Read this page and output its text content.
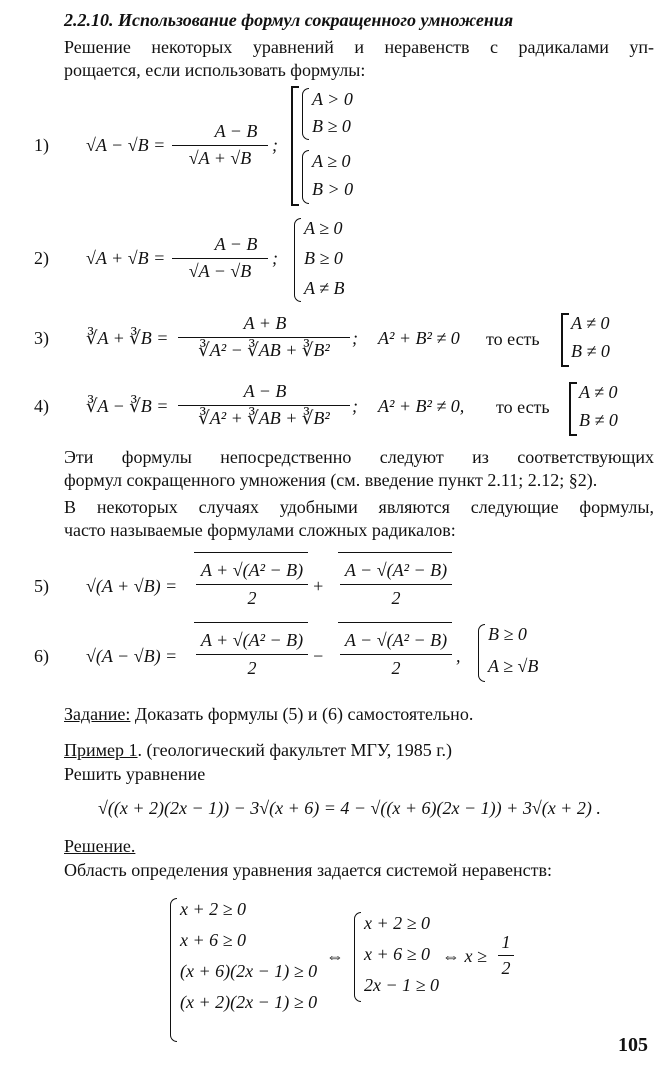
2.2.10. Использование формул сокращенного умножения
Решение некоторых уравнений и неравенств с радикалами уп-
рощается, если использовать формулы:
1) √A − √B =
A − B
√A + √B
;
A > 0
B ≥ 0
A ≥ 0
B > 0
2) √A + √B =
A − B
√A − √B
;
A ≥ 0
B ≥ 0
A ≠ B
3) ∛A + ∛B =
A + B
∛A² − ∛AB + ∛B²
; A² + B² ≠ 0 то есть
A ≠ 0
B ≠ 0
4) ∛A − ∛B =
A − B
∛A² + ∛AB + ∛B²
; A² + B² ≠ 0, то есть
A ≠ 0
B ≠ 0
Эти формулы непосредственно следуют из соответствующих
формул сокращенного умножения (см. введение пункт 2.11; 2.12; §2).
В некоторых случаях удобными являются следующие формулы,
часто называемые формулами сложных радикалов:
5) √(A + √B) =
A + √(A² − B)
2
+
A − √(A² − B)
2
6) √(A − √B) =
A + √(A² − B)
2
−
A − √(A² − B)
2
,
B ≥ 0
A ≥ √B
Задание: Доказать формулы (5) и (6) самостоятельно.
Пример 1. (геологический факультет МГУ, 1985 г.)
Решить уравнение
√((x + 2)(2x − 1)) − 3√(x + 6) = 4 − √((x + 6)(2x − 1)) + 3√(x + 2) .
Решение.
Область определения уравнения задается системой неравенств:
x + 2 ≥ 0
x + 6 ≥ 0
(x + 6)(2x − 1) ≥ 0
(x + 2)(2x − 1) ≥ 0
⇔
x + 2 ≥ 0
x + 6 ≥ 0
2x − 1 ≥ 0
⇔ x ≥
1
2
105
